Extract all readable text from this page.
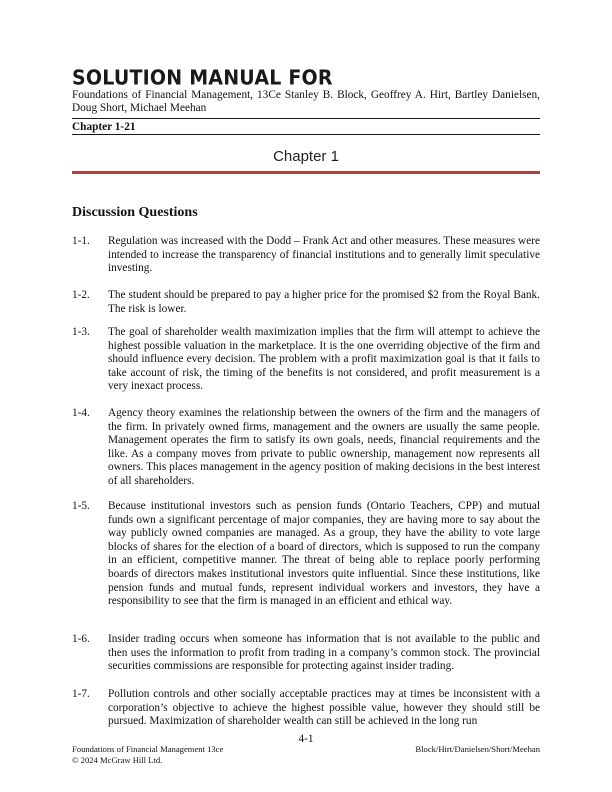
SOLUTION MANUAL FOR
Foundations of Financial Management, 13Ce Stanley B. Block, Geoffrey A. Hirt, Bartley Danielsen, Doug Short, Michael Meehan
Chapter 1-21
Chapter 1
Discussion Questions
1-1.	Regulation was increased with the Dodd – Frank Act and other measures. These measures were intended to increase the transparency of financial institutions and to generally limit speculative investing.
1-2.	The student should be prepared to pay a higher price for the promised $2 from the Royal Bank. The risk is lower.
1-3.	The goal of shareholder wealth maximization implies that the firm will attempt to achieve the highest possible valuation in the marketplace. It is the one overriding objective of the firm and should influence every decision. The problem with a profit maximization goal is that it fails to take account of risk, the timing of the benefits is not considered, and profit measurement is a very inexact process.
1-4.	Agency theory examines the relationship between the owners of the firm and the managers of the firm. In privately owned firms, management and the owners are usually the same people. Management operates the firm to satisfy its own goals, needs, financial requirements and the like. As a company moves from private to public ownership, management now represents all owners. This places management in the agency position of making decisions in the best interest of all shareholders.
1-5.	Because institutional investors such as pension funds (Ontario Teachers, CPP) and mutual funds own a significant percentage of major companies, they are having more to say about the way publicly owned companies are managed. As a group, they have the ability to vote large blocks of shares for the election of a board of directors, which is supposed to run the company in an efficient, competitive manner. The threat of being able to replace poorly performing boards of directors makes institutional investors quite influential. Since these institutions, like pension funds and mutual funds, represent individual workers and investors, they have a responsibility to see that the firm is managed in an efficient and ethical way.
1-6.	Insider trading occurs when someone has information that is not available to the public and then uses the information to profit from trading in a company’s common stock. The provincial securities commissions are responsible for protecting against insider trading.
1-7.	Pollution controls and other socially acceptable practices may at times be inconsistent with a corporation’s objective to achieve the highest possible value, however they should still be pursued. Maximization of shareholder wealth can still be achieved in the long run
4-1
Foundations of Financial Management 13ce	Block/Hirt/Danielsen/Short/Meehan
© 2024 McGraw Hill Ltd.
